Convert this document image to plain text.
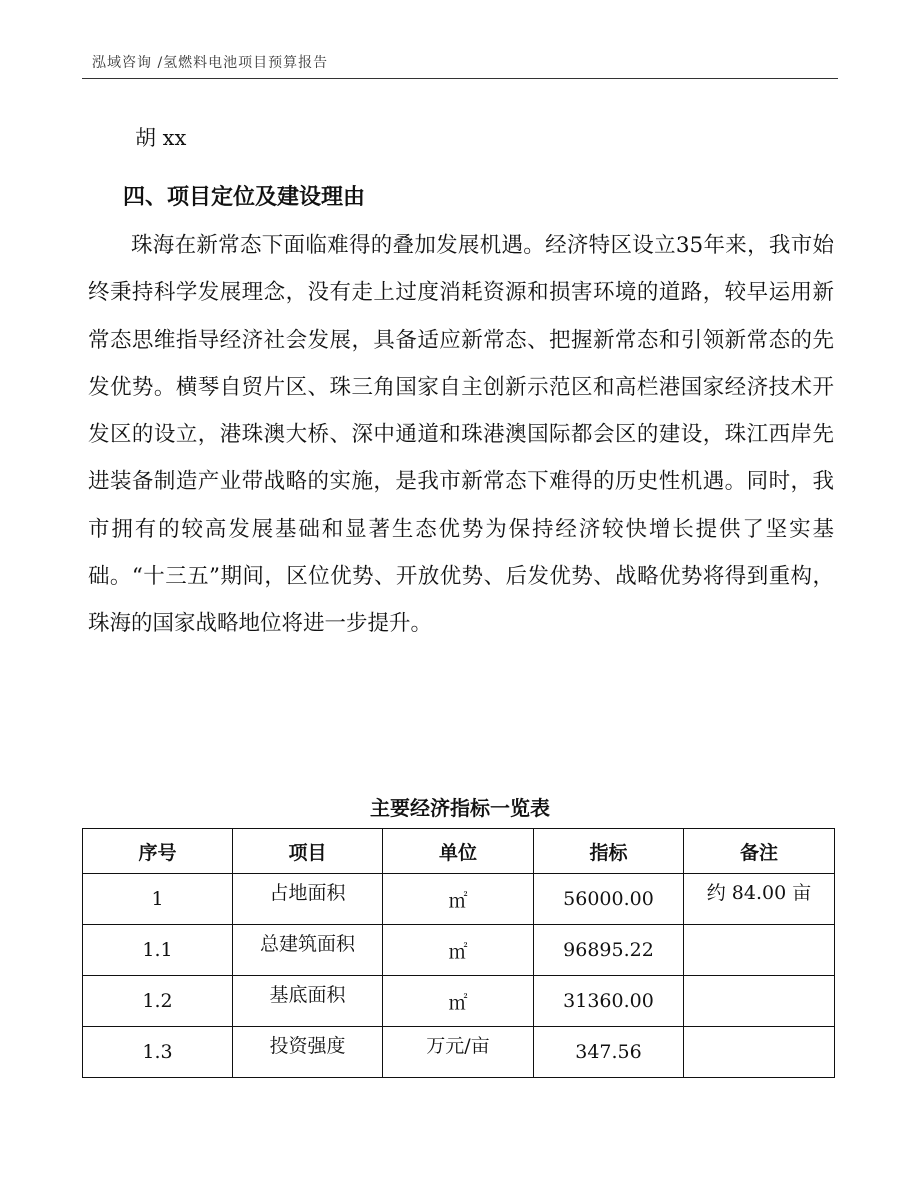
泓域咨询 /氢燃料电池项目预算报告
胡 xx
四、项目定位及建设理由

珠海在新常态下面临难得的叠加发展机遇。经济特区设立35年来，我市始终秉持科学发展理念，没有走上过度消耗资源和损害环境的道路，较早运用新常态思维指导经济社会发展，具备适应新常态、把握新常态和引领新常态的先发优势。横琴自贸片区、珠三角国家自主创新示范区和高栏港国家经济技术开发区的设立，港珠澳大桥、深中通道和珠港澳国际都会区的建设，珠江西岸先进装备制造产业带战略的实施，是我市新常态下难得的历史性机遇。同时，我市拥有的较高发展基础和显著生态优势为保持经济较快增长提供了坚实基础。“十三五”期间，区位优势、开放优势、后发优势、战略优势将得到重构，珠海的国家战略地位将进一步提升。

主要经济指标一览表
序号	项目	单位	指标	备注
1	占地面积	㎡	56000.00	约 84.00 亩
1.1	总建筑面积	㎡	96895.22	
1.2	基底面积	㎡	31360.00	
1.3	投资强度	万元/亩	347.56	
